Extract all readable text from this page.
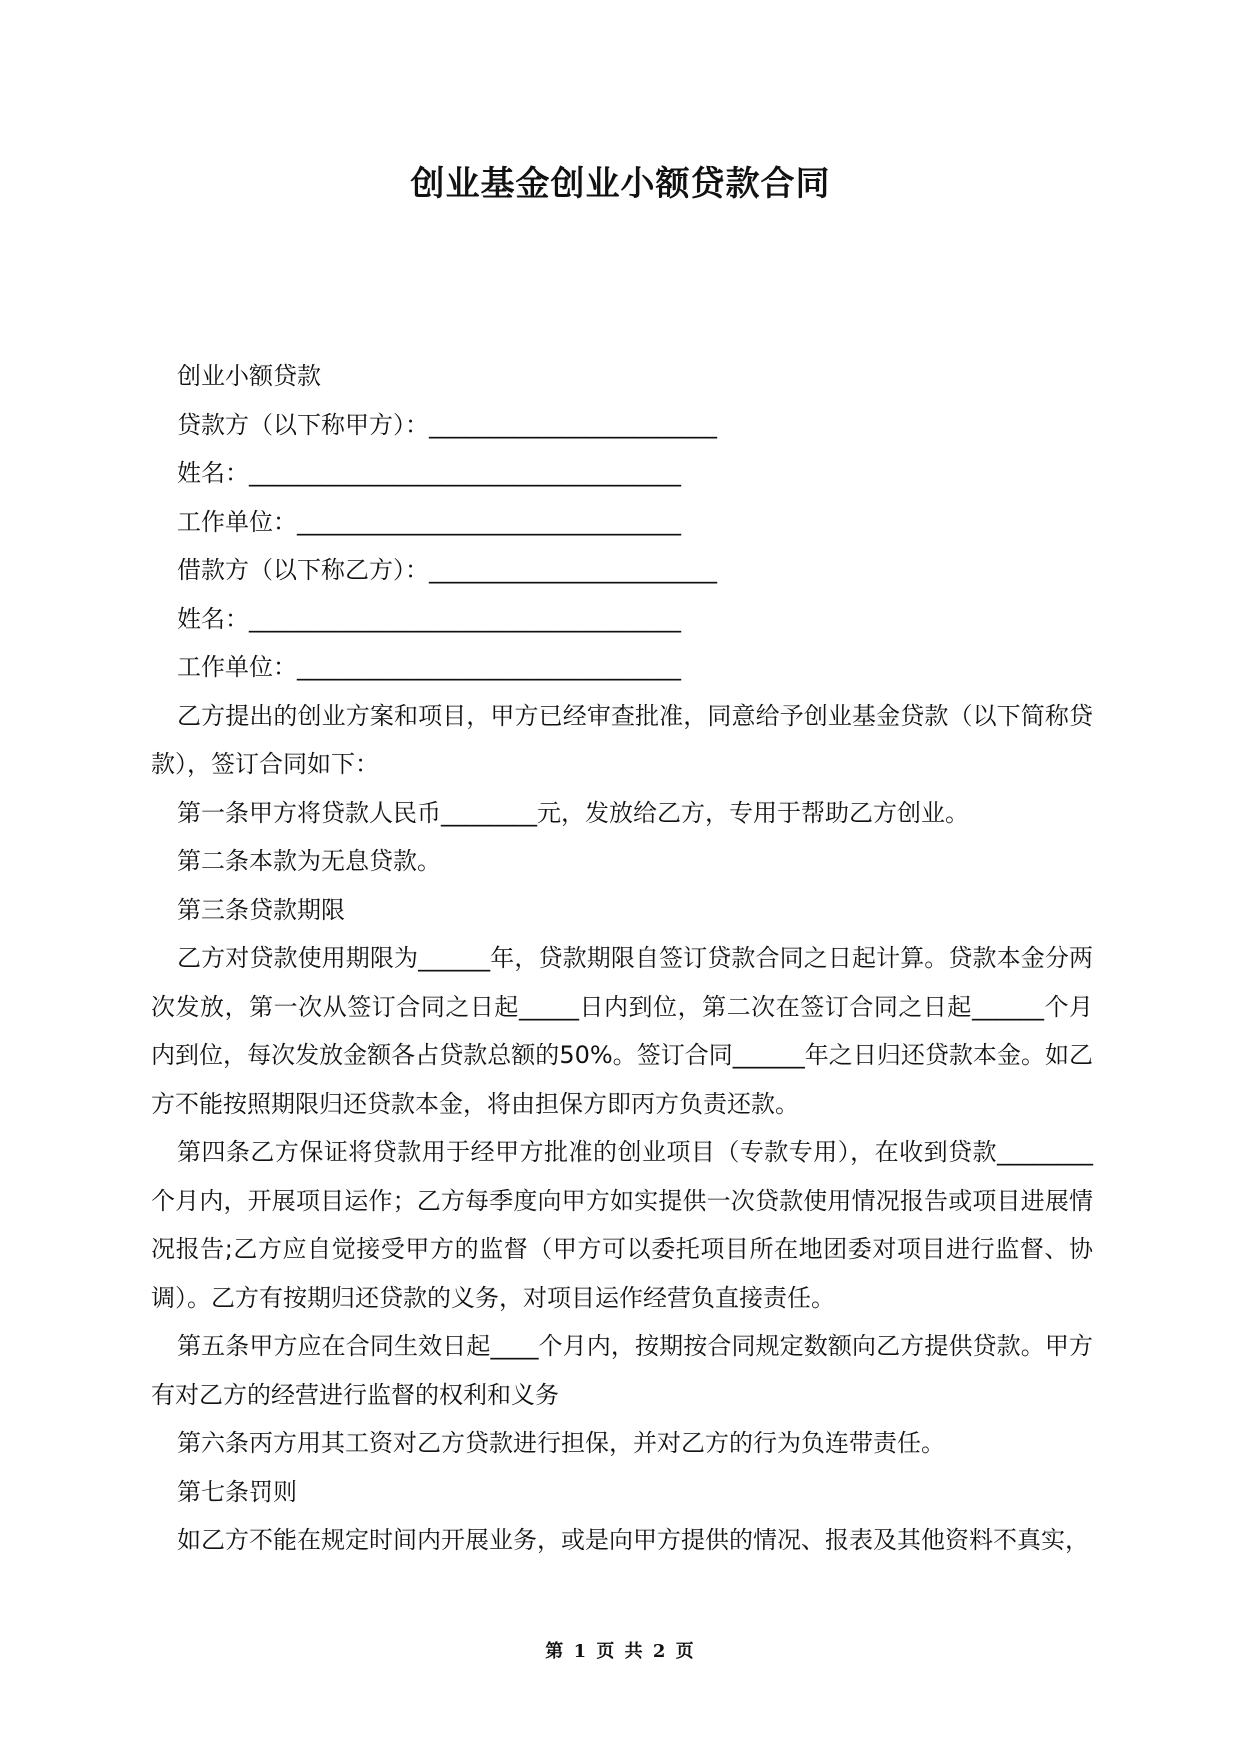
创业基金创业小额贷款合同

创业小额贷款

贷款方（以下称甲方）：________________________

姓名：____________________________________

工作单位：________________________________

借款方（以下称乙方）：________________________

姓名：____________________________________

工作单位：________________________________

乙方提出的创业方案和项目，甲方已经审查批准，同意给予创业基金贷款（以下简称贷款），签订合同如下：

第一条甲方将贷款人民币________元，发放给乙方，专用于帮助乙方创业。

第二条本款为无息贷款。

第三条贷款期限

乙方对贷款使用期限为______年，贷款期限自签订贷款合同之日起计算。贷款本金分两次发放，第一次从签订合同之日起_____日内到位，第二次在签订合同之日起______个月内到位，每次发放金额各占贷款总额的50%。签订合同______年之日归还贷款本金。如乙方不能按照期限归还贷款本金，将由担保方即丙方负责还款。

第四条乙方保证将贷款用于经甲方批准的创业项目（专款专用），在收到贷款________个月内，开展项目运作；乙方每季度向甲方如实提供一次贷款使用情况报告或项目进展情况报告;乙方应自觉接受甲方的监督（甲方可以委托项目所在地团委对项目进行监督、协调）。乙方有按期归还贷款的义务，对项目运作经营负直接责任。

第五条甲方应在合同生效日起____个月内，按期按合同规定数额向乙方提供贷款。甲方有对乙方的经营进行监督的权利和义务

第六条丙方用其工资对乙方贷款进行担保，并对乙方的行为负连带责任。

第七条罚则

如乙方不能在规定时间内开展业务，或是向甲方提供的情况、报表及其他资料不真实，

第 1 页 共 2 页
